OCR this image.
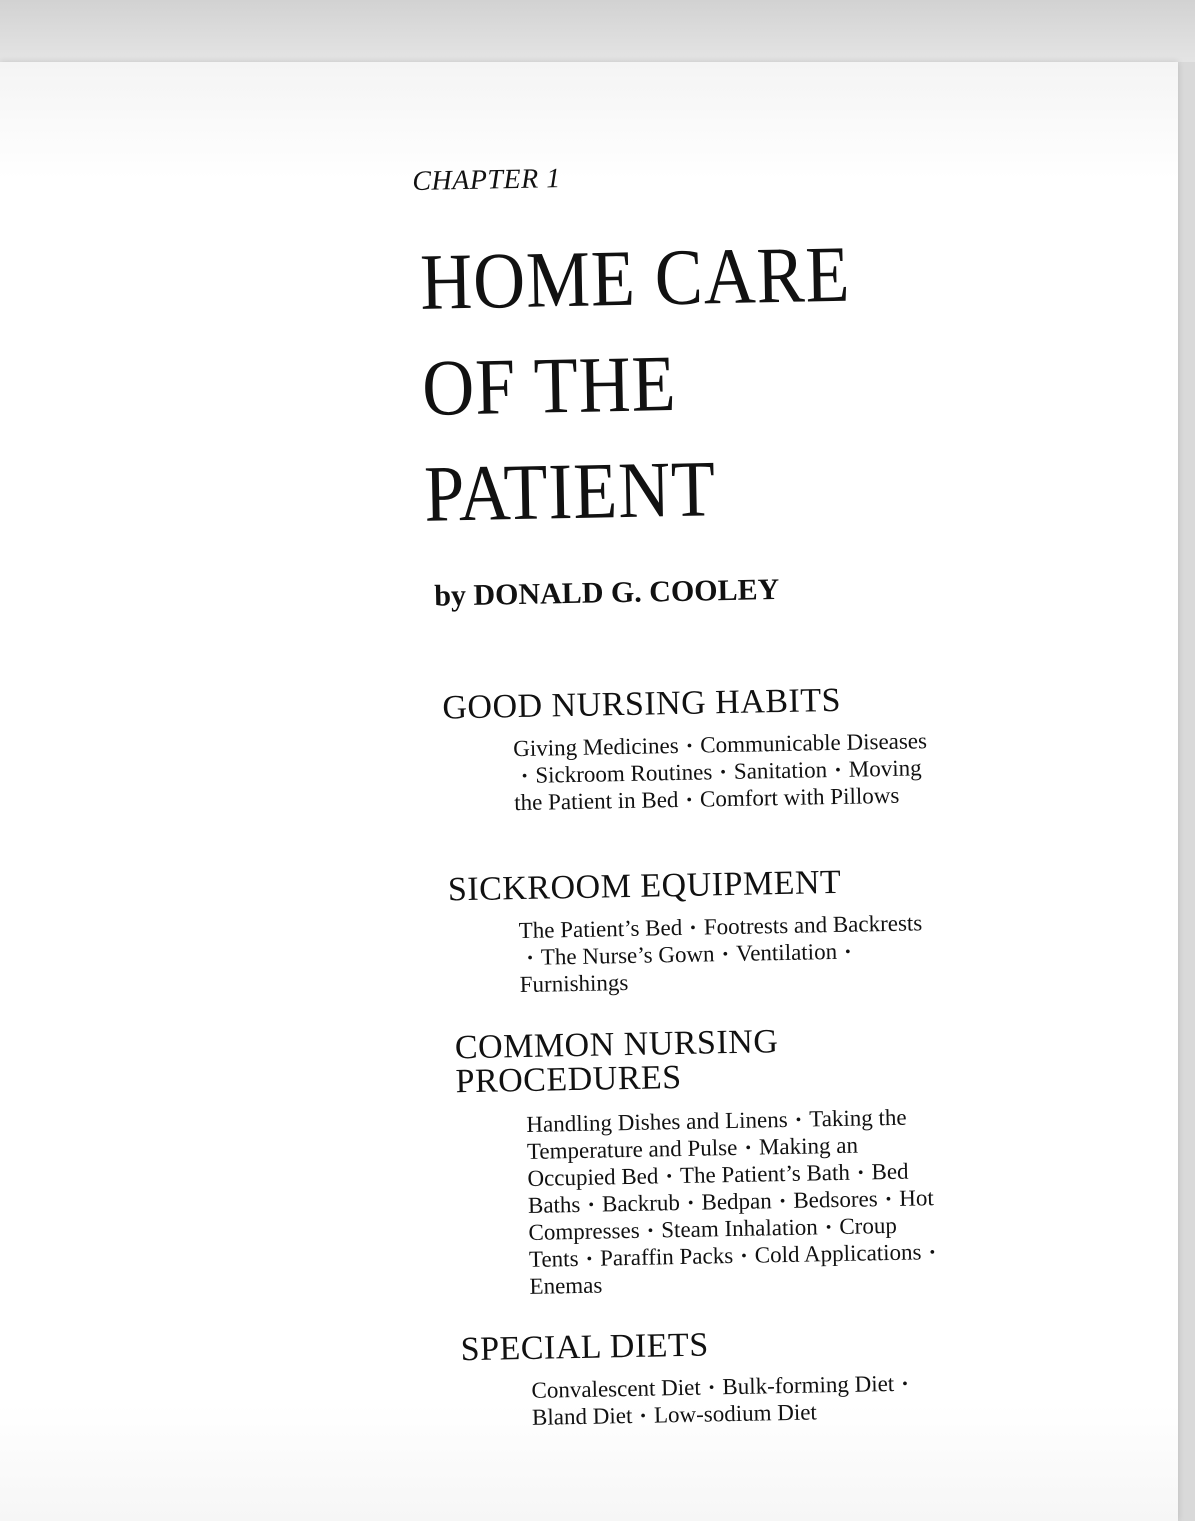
CHAPTER 1
HOME CARE
OF THE
PATIENT
by DONALD G. COOLEY
GOOD NURSING HABITS

Giving Medicines • Communicable Diseases• Sickroom Routines • Sanitation • Moving the Patient in Bed • Comfort with Pillows

SICKROOM EQUIPMENT

The Patient’s Bed • Footrests and Backrests• The Nurse’s Gown • Ventilation •Furnishings

COMMON NURSING
PROCEDURES

Handling Dishes and Linens • Taking the Temperature and Pulse • Making an Occupied Bed • The Patient’s Bath • Bed Baths • Backrub • Bedpan • Bedsores • Hot Compresses • Steam Inhalation • Croup Tents • Paraffin Packs • Cold Applications •Enemas

SPECIAL DIETS

Convalescent Diet • Bulk-forming Diet •Bland Diet • Low-sodium Diet
